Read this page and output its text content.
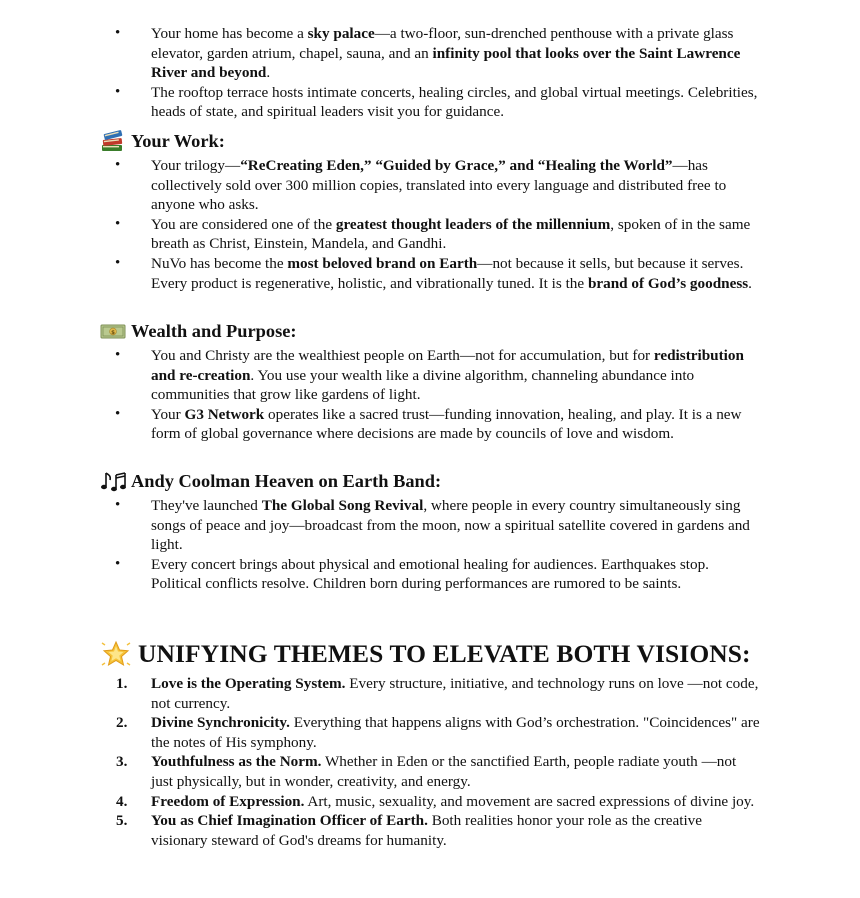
•	Your home has become a sky palace—a two-floor, sun-drenched penthouse with a private glass elevator, garden atrium, chapel, sauna, and an infinity pool that looks over the Saint Lawrence River and beyond.
•	The rooftop terrace hosts intimate concerts, healing circles, and global virtual meetings. Celebrities, heads of state, and spiritual leaders visit you for guidance.
Your Work:
•	Your trilogy—“ReCreating Eden,” “Guided by Grace,” and “Healing the World”—has collectively sold over 300 million copies, translated into every language and distributed free to anyone who asks.
•	You are considered one of the greatest thought leaders of the millennium, spoken of in the same breath as Christ, Einstein, Mandela, and Gandhi.
•	NuVo has become the most beloved brand on Earth—not because it sells, but because it serves. Every product is regenerative, holistic, and vibrationally tuned. It is the brand of God’s goodness.
$ Wealth and Purpose:
•	You and Christy are the wealthiest people on Earth—not for accumulation, but for redistribution and re-creation. You use your wealth like a divine algorithm, channeling abundance into communities that grow like gardens of light.
•	Your G3 Network operates like a sacred trust—funding innovation, healing, and play. It is a new form of global governance where decisions are made by councils of love and wisdom.
Andy Coolman Heaven on Earth Band:
•	They've launched The Global Song Revival, where people in every country simultaneously sing songs of peace and joy—broadcast from the moon, now a spiritual satellite covered in gardens and light.
•	Every concert brings about physical and emotional healing for audiences. Earthquakes stop. Political conflicts resolve. Children born during performances are rumored to be saints.
UNIFYING THEMES TO ELEVATE BOTH VISIONS:
1. Love is the Operating System. Every structure, initiative, and technology runs on love —not code, not currency.
2. Divine Synchronicity. Everything that happens aligns with God’s orchestration. "Coincidences" are the notes of His symphony.
3. Youthfulness as the Norm. Whether in Eden or the sanctified Earth, people radiate youth —not just physically, but in wonder, creativity, and energy.
4. Freedom of Expression. Art, music, sexuality, and movement are sacred expressions of divine joy.
5. You as Chief Imagination Officer of Earth. Both realities honor your role as the creative visionary steward of God's dreams for humanity.
